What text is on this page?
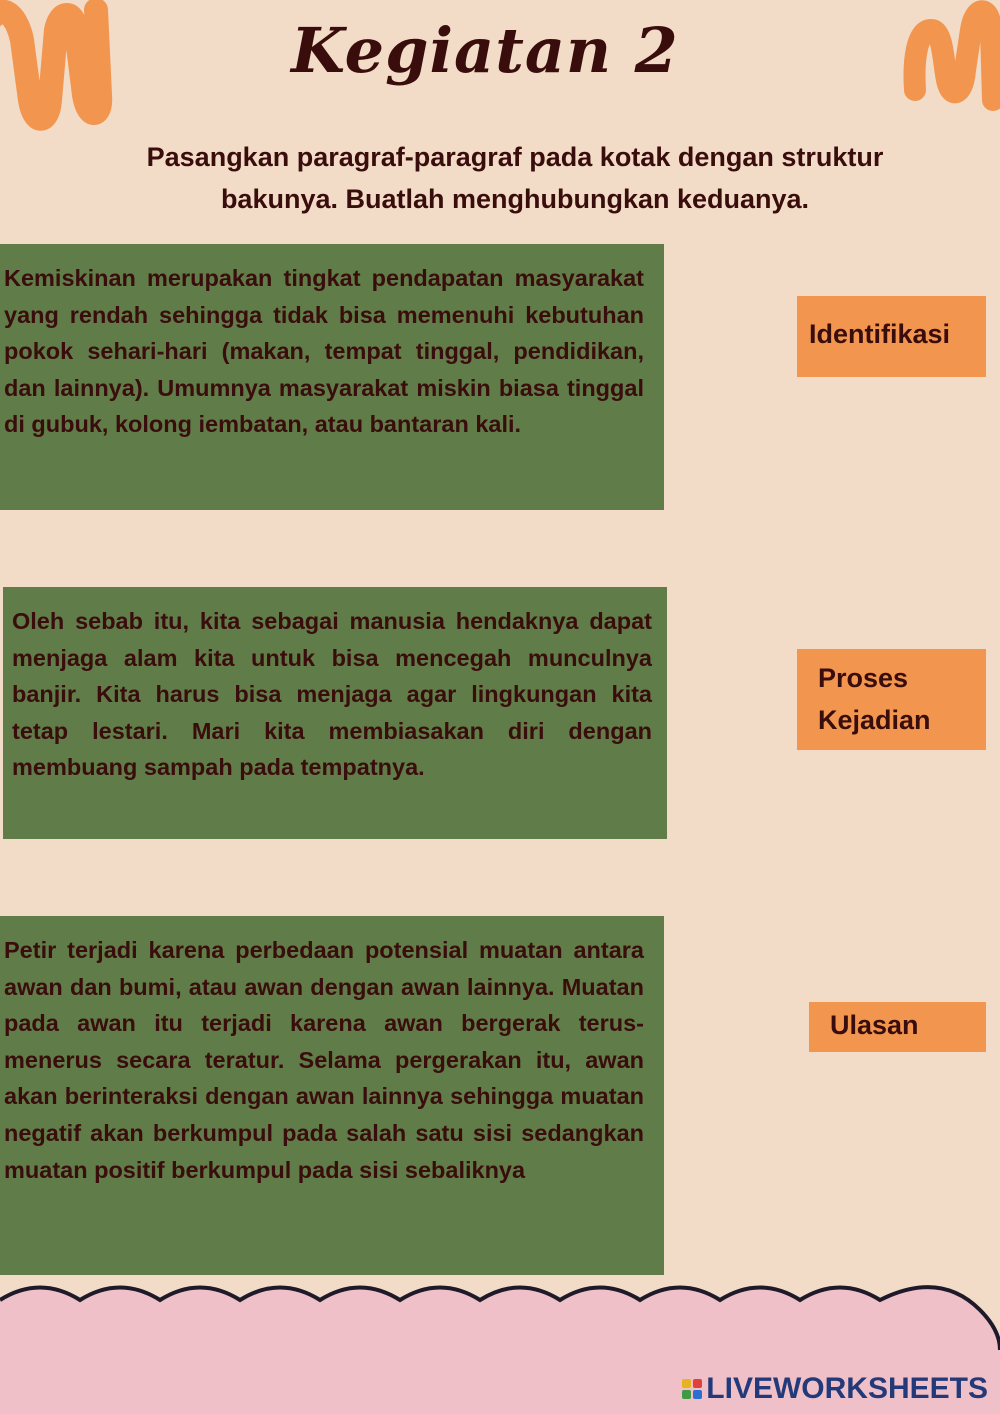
Kegiatan 2
Pasangkan paragraf-paragraf pada kotak dengan struktur bakunya. Buatlah menghubungkan keduanya.
Kemiskinan merupakan tingkat pendapatan masyarakat yang rendah sehingga tidak bisa memenuhi kebutuhan pokok sehari-hari (makan, tempat tinggal, pendidikan, dan lainnya). Umumnya masyarakat miskin biasa tinggal di gubuk, kolong iembatan, atau bantaran kali.
Oleh sebab itu, kita sebagai manusia hendaknya dapat menjaga alam kita untuk bisa mencegah munculnya banjir. Kita harus bisa menjaga agar lingkungan kita tetap lestari. Mari kita membiasakan diri dengan membuang sampah pada tempatnya.
Petir terjadi karena perbedaan potensial muatan antara awan dan bumi, atau awan dengan awan lainnya. Muatan pada awan itu terjadi karena awan bergerak terus-menerus secara teratur. Selama pergerakan itu, awan akan berinteraksi dengan awan lainnya sehingga muatan negatif akan berkumpul pada salah satu sisi sedangkan muatan positif berkumpul pada sisi sebaliknya
Identifikasi
Proses
Kejadian
Ulasan
LIVEWORKSHEETS
